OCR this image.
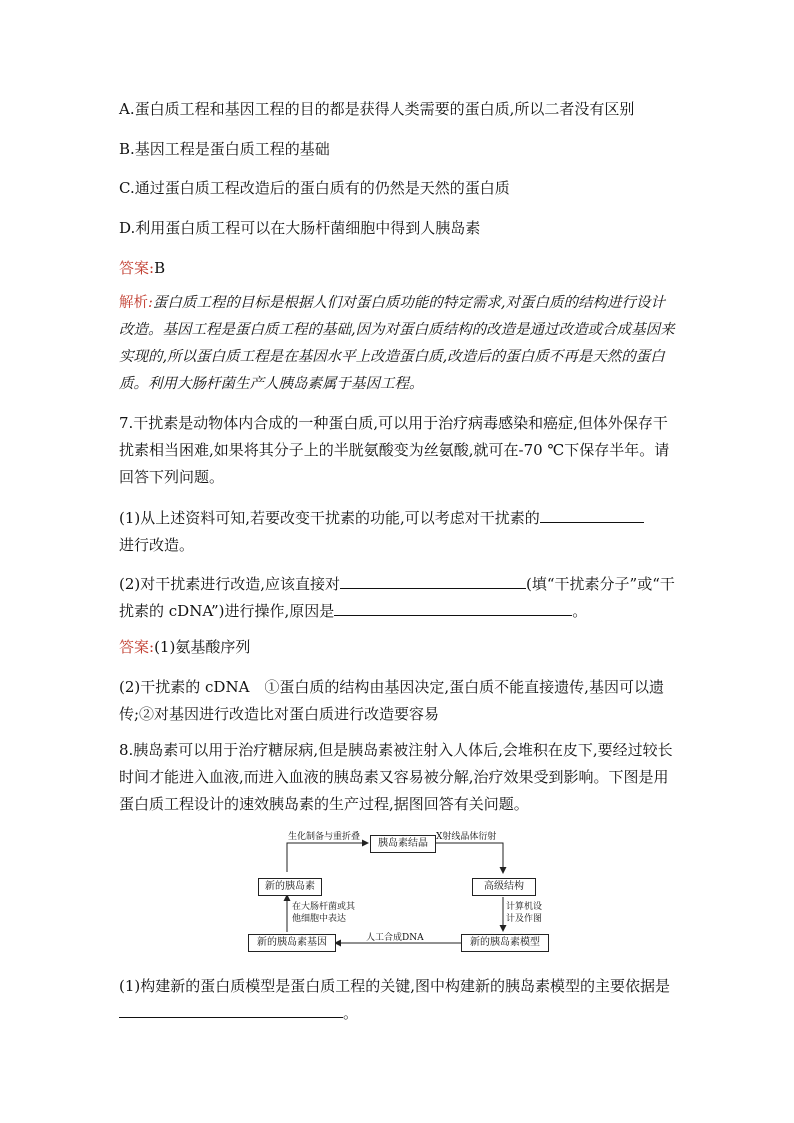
A.蛋白质工程和基因工程的目的都是获得人类需要的蛋白质,所以二者没有区别
B.基因工程是蛋白质工程的基础
C.通过蛋白质工程改造后的蛋白质有的仍然是天然的蛋白质
D.利用蛋白质工程可以在大肠杆菌细胞中得到人胰岛素
答案:B
解析:蛋白质工程的目标是根据人们对蛋白质功能的特定需求,对蛋白质的结构进行设计改造。基因工程是蛋白质工程的基础,因为对蛋白质结构的改造是通过改造或合成基因来实现的,所以蛋白质工程是在基因水平上改造蛋白质,改造后的蛋白质不再是天然的蛋白质。利用大肠杆菌生产人胰岛素属于基因工程。
7.干扰素是动物体内合成的一种蛋白质,可以用于治疗病毒感染和癌症,但体外保存干扰素相当困难,如果将其分子上的半胱氨酸变为丝氨酸,就可在-70 ℃下保存半年。请回答下列问题。
(1)从上述资料可知,若要改变干扰素的功能,可以考虑对干扰素的
进行改造。
(2)对干扰素进行改造,应该直接对	(填“干扰素分子”或“干扰素的 cDNA”)进行操作,原因是	。
答案:(1)氨基酸序列
(2)干扰素的 cDNA　①蛋白质的结构由基因决定,蛋白质不能直接遗传,基因可以遗传;②对基因进行改造比对蛋白质进行改造要容易
8.胰岛素可以用于治疗糖尿病,但是胰岛素被注射入人体后,会堆积在皮下,要经过较长时间才能进入血液,而进入血液的胰岛素又容易被分解,治疗效果受到影响。下图是用蛋白质工程设计的速效胰岛素的生产过程,据图回答有关问题。
胰岛素结晶
新的胰岛素	高级结构
新的胰岛素基因	新的胰岛素模型
生化制备与重折叠	X射线晶体衍射
在大肠杆菌或其
他细胞中表达
计算机设
计及作图
人工合成DNA
(1)构建新的蛋白质模型是蛋白质工程的关键,图中构建新的胰岛素模型的主要依据是。
